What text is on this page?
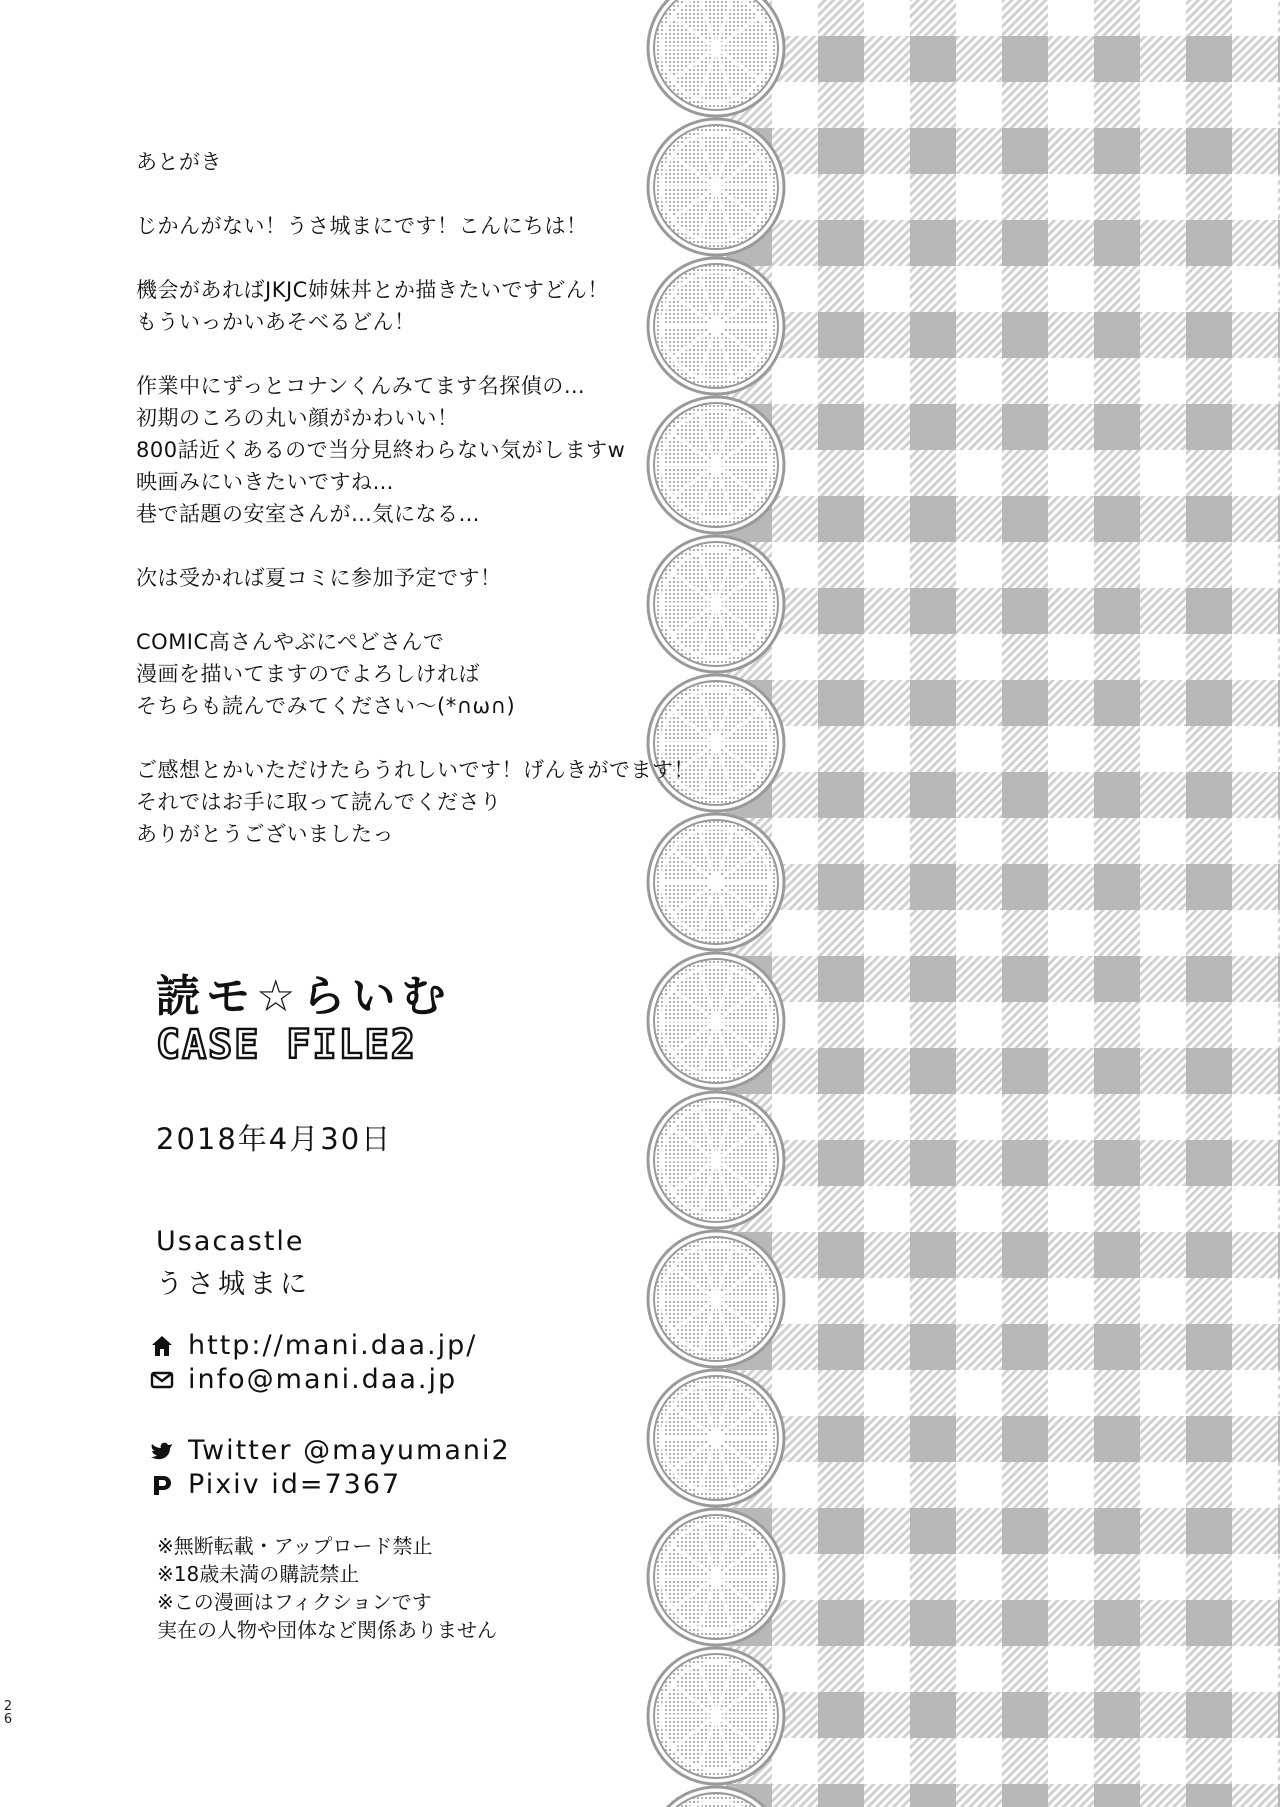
あとがき
じかんがない！うさ城まにです！こんにちは！
機会があればJKJC姉妹丼とか描きたいですどん！
もういっかいあそべるどん！
作業中にずっとコナンくんみてます名探偵の…
初期のころの丸い顔がかわいい！
800話近くあるので当分見終わらない気がしますw
映画みにいきたいですね…
巷で話題の安室さんが…気になる…
次は受かれば夏コミに参加予定です！
COMIC高さんやぶにぺどさんで
漫画を描いてますのでよろしければ
そちらも読んでみてください〜(*∩ω∩)
ご感想とかいただけたらうれしいです！げんきがでます！
それではお手に取って読んでくださり
ありがとうございましたっ
読モ☆らいむ
CASE FILE2
2018年4月30日
Usacastle
うさ城まに
http://mani.daa.jp/
info@mani.daa.jp
Twitter @mayumani2
Pixiv id=7367
※無断転載・アップロード禁止
※18歳未満の購読禁止
※この漫画はフィクションです
実在の人物や団体など関係ありません
26
